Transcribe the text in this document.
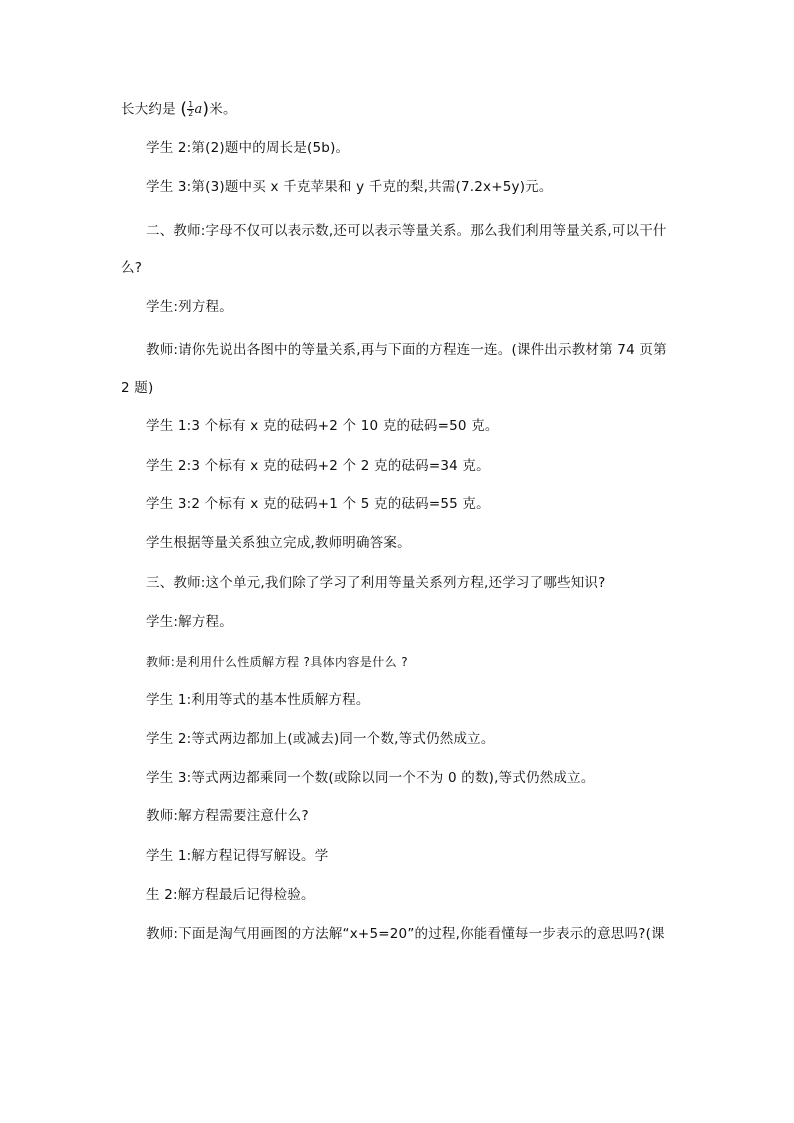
长大约是 ( $\frac{1}{2} a$)米。
学生 2:第(2)题中的周长是(5b)。
学生 3:第(3)题中买 x 千克苹果和 y 千克的梨,共需(7.2x+5y)元。
二、教师:字母不仅可以表示数,还可以表示等量关系。那么我们利用等量关系,可以干什
么?
学生:列方程。
教师:请你先说出各图中的等量关系,再与下面的方程连一连。(课件出示教材第 74 页第
2 题)
学生 1:3 个标有 x 克的砝码+2 个 10 克的砝码=50 克。
学生 2:3 个标有 x 克的砝码+2 个 2 克的砝码=34 克。
学生 3:2 个标有 x 克的砝码+1 个 5 克的砝码=55 克。
学生根据等量关系独立完成,教师明确答案。
三、教师:这个单元,我们除了学习了利用等量关系列方程,还学习了哪些知识?
学生:解方程。
教师:是利用什么性质解方程 ?具体内容是什么 ?
学生 1:利用等式的基本性质解方程。
学生 2:等式两边都加上(或减去)同一个数,等式仍然成立。
学生 3:等式两边都乘同一个数(或除以同一个不为 0 的数),等式仍然成立。
教师:解方程需要注意什么?
学生 1:解方程记得写解设。学
生 2:解方程最后记得检验。
教师:下面是淘气用画图的方法解“x+5=20”的过程,你能看懂每一步表示的意思吗?(课
